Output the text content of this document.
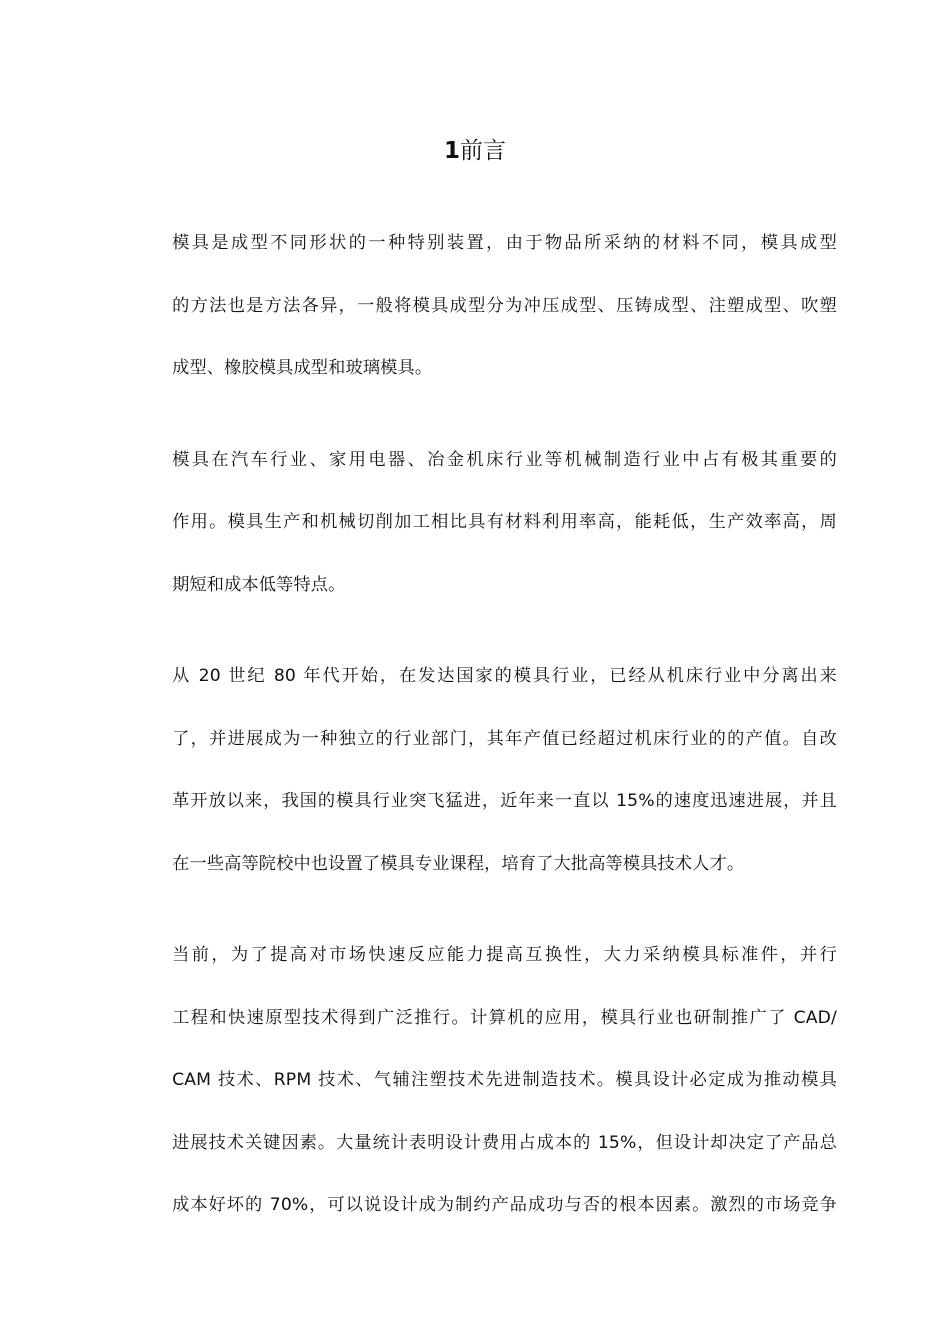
1前言
模具是成型不同形状的一种特别装置，由于物品所采纳的材料不同，模具成型
的方法也是方法各异，一般将模具成型分为冲压成型、压铸成型、注塑成型、吹塑
成型、橡胶模具成型和玻璃模具。
模具在汽车行业、家用电器、冶金机床行业等机械制造行业中占有极其重要的
作用。模具生产和机械切削加工相比具有材料利用率高，能耗低，生产效率高，周
期短和成本低等特点。
从 20 世纪 80 年代开始，在发达国家的模具行业，已经从机床行业中分离出来
了，并进展成为一种独立的行业部门，其年产值已经超过机床行业的的产值。自改
革开放以来，我国的模具行业突飞猛进，近年来一直以 15%的速度迅速进展，并且
在一些高等院校中也设置了模具专业课程，培育了大批高等模具技术人才。
当前，为了提高对市场快速反应能力提高互换性，大力采纳模具标准件，并行
工程和快速原型技术得到广泛推行。计算机的应用，模具行业也研制推广了 CAD/
CAM 技术、RPM 技术、气辅注塑技术先进制造技术。模具设计必定成为推动模具
进展技术关键因素。大量统计表明设计费用占成本的 15%，但设计却决定了产品总
成本好坏的 70%，可以说设计成为制约产品成功与否的根本因素。激烈的市场竞争
